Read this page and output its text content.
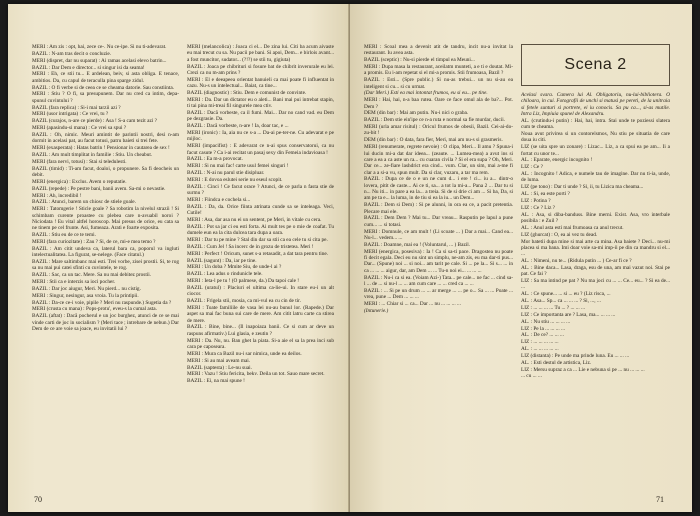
MERI : Am zis : opt, hai, zece ce-. Nu ce-ipe. Si nu ti-adevarat.

BAZIL : N-am tras decit o concluzie.

MERI (dispret, dar nu suparat) : Ai ramas acelasi elevo batrin...

BAZIL : Dar Dem e director... si singur isi da seama!

MERI : Eh, ce stii tu... E ardelean, beiv, si asta obliga. E tenace, ambitios. Da, cu capul de teraculla pina sparge zidul.

BAZIL : O fi verbe si de ceea ce se cheama datorie. Sau constiinta.

MERI : Stiu ? O fi, sa presupunem. Dar nu cred ca intim, depa-spunul cuvintului ?

BAZIL (fara replica) : Si-i mai tarzii azi ?

MERI (usor intrigata) : Ce vrei, tu ?

BAZIL (curajos, n-are ce pierde) : Asa ! S-a cam tezit azi ?

MERI (apasindu-si mana) : Ce vrei sa spui ?

BAZIL : Oh, nimic. Meuri amintit de parintii nostri, desi n-am dormit in acelasi pat, au facut totusi, patru baieti si trei fete.

MERI (exasperata) : Hatas batrin ! Pensionar in cautarea de sex !

BAZIL : Am mult timplitat in familie : Stiu. Un cheabut.

MERI (fara nervi, totusi) : Stai si teledulesti.

BAZIL (timid) : Ti-am facut, doaloi, o propunere. Sa fi deocheis un debit.

MERI (energica) : Exclus. Avem o reputatie.

BAZIL (repede) : Pe pestre bani, banii avem. Sa-mi o nevastie.

MERI : Ah, incredibil !

BAZIL : Atunci, barem un chiosc de stiele goale.

MERI : Tatomgerie ! Sticle goale ? Sa robotim la nivelul strazii ! Si schimbam curente proastee cu plebea care n-avuabil noroi ? Niciodata ! Eu vital altfel horoscop. Mai presus de orice, eu cata sa ne tinem pe cel frunte. Asi, fumeaza. Arati e foarte exposita.

BAZIL : Stiu eu de ce te temi.

MERI (fara curiozitate) : Zau ? Si, de ce, mi-e mea temo ?

BAZIL : Am citit undeva ca, laterul bara ca, poporul va ingluti intelectualitatea. La figurat, se-nelege. (Face citatul.)

BAZIL : Mare saltimbanc mai esti. Trei vorbe, zisei prostii. Si, te rog sa nu mai pui catei sfinti cu cuvintele, te rog.

BAZIL : Sac, ca un tac. Mere. Sa nu mai debitez prostii.

MERI : Stii ca e interzis sa ioci pocher.

BAZIL : Dar joc aiugur, Meri. Nu pierd... nu cistig.

MERI : Singur, nesingur, asa vroia. Tu la printipii.

BAZIL : Da-ce ce-i voie, pipile ? Meri nu raspunde.) Sugetia da ?

MERI (crusta cu mana) : Pops-protu', eveu-s la cumal asta.

BAZIL (aftat) : Dacă pocherul e un joc burghez, atunci de ce se mai vinde carti de joc in socialism ? (Meri tace ; intrebare de nebun.) Dar Dem de ce are voie sa joace, eu invitatii lui ?

MERI (melancolica) : Joaca ci el... De zina lui. Citi ba acum aivaste eu mai trecut cu sa. Nu pacii pe bani. Si apoi, Dem... e birlois avant... a fost muncitor, sudator... (?!?) se stii tu, gigiuta)

BAZIL : Joaca pe chibrituri si fosure bat de chibrit inverurale eu lei. Crezi ca nu m-am prins ?

MERI : El e deeapeea orientat banuieli ca mai poate fi influentat in cazu. Nu-s un intelectual... Baiat, ca tine...

BAZIL (diagnostic) : Stiu. Dem e comunist de convinte.

MERI : Da. Dar un dictator eu o aleti... Bani mai pui intrebat stapin, ti tai pina mi-treai fil singurele mea ctiv.

BAZIL : Dacă vorbeste, ca il fumi. Mai... Dar no cand vad. eu Dem pe dezgrasie. Da.

BAZIL : Dacă vorbeste, n-are ! Ia, doar tac, e ...

MERI (ironic) : Ia, aia nu ce s-a ... Da-ai pe-ter-ne. Cu adevarat e pe mijloc.

MERI (impacifist) : E adevarat ce n-ai spus conservatorui, ca nu facut casute ? Ca i-ai recitat un pasaj sexy din Femeia indavioasa !

BAZIL : Ea m-a provocat.

MERI : Si nu mai fac! carte usul femei singuri !

BAZIL : N-ai nu parul stie disipluar.

MERI : E dovoa eslutei serie nu eseul scopit.

BAZIL : Cinci ! Ce facut orace ? Atunci, de ce parla n fasta stie de surmu ?

MERI : Fiindca e cochela si...

BAZIL : Da, da. Orice fiinta atrinata cunde sa se inteleaga. Veci, Cutile!

MERI : Asa, dar asa nu ei un sentent, pe Meri, in vitale cu cera.

BAZIL : Pot sa jar ci eu esti forta. Ai mult tes pe o mie de coafat. Tu dumele eun ea la cita dulcea tara dupa a oara.

MERI : Dar tu pe mine ? Stal din dar sa stii ca ea cele tu si cita pe.

BAZIL : Cum Jel ! Sa incerc de in grozu de tristetea. Meri !

MERI : Perfect ! Oricum, sunet s-a retasadit, a dat tara pentru tine.

BAZIL (sagunt) : Da, iar pe tine.

MERI : Un doba ? Mmite Siu, de unde-l ai ?

BAZIL : Lea adus o rindunicle tele.

MERI : Ieta-l pe tu ! (O palmese, da.) Da tapoi cale !

BAZIL (uratul) : Placiuri el ultima ca-lie-ui. In stare eu-i un alt ciocor.

BAZIL : Frigela stii, mosia, ca mi-vul ea cu cin de tir.

MERI : Toate familiile de vasa lei nu-au bunul lor. (Rapede.) Dar aspet sa mai fac buna sui care de mere. Am citit latru carte ca stirea de mere.

BAZIL : Bine, bine... (Il inapoiaza banii. Ce si cum ar deve un raspuns afirmativ.) Lui glasia, e zeutin ?

MERI : Da. Nu, nu. Ban ghet la piata. Si-a aie el sa la prea inci sub cara pe caposeara.

MERI : Mura ca Bazil nu-i sar nimica, unde ea deilos.

MERI : Si au mai aveam mai.

BAZIL (saptesta) : Le-nu suai.

MERI : Vazu ! Stiu fericita, bekv. Deila un tot. Sauo mare secret.

BAZIL : Ei, na mai spune !

70

MERI : Scoal mea a devenit atit de tandru, incit nu-a invitat la restaurant. Iu avea asta.

BAZIL (sceptic) : Nu-si pierde el timpul ea Meuni...

MERI : Dupa masa la restaurant, aceilatm munteti, a e ti e doutat. Mi-a promis. Eu i-am repetat si el mi-a promis. Stii frumoasa, Bazil ?

BAZIL : Esti... (Spre public.) Si nu-as trebui... un nu si-au ea inteligent si cu... si cu urmat.

(Dar Meri.) Esti ea mai intontat frumos, eu si eu... pe tine.

MERI : Hai, hai, n-a baa rutea. Oare ce face omul ala de ba?... Pot. Dem ?

DEM (din bar) : Mai am putin. Nu-i nici o graba.

BAZIL : Dem stie ein'ipe ce n-a ruta e normal sa fie murdar, ducii.

MERI (urla amar risitul) : Oricul frumos de obesii, Bazil. Cei-ai-do-zu-bit !

DEM (din bar) : O data, fara fier, Meri, mai am nu-s si grasmeris.

MERI (renumerate, regrete nevoie) : O clipa, Meri... Il amu ? Spuna-i lui ducin mi-a dat dar ideea... (zeaute. ... Lumea-mea) a avut ins si care a ea a ca aste un ra... cu cuaran civila ? Si el era supa ? Oh, Meri. Dar ce... ze-fiare lashdrict era cind... vum. Clar, un sim, mai a-me fi clar a a si-a vu, spun mult. Da si clar, vuzaru, a tar ma rem.

BAZIL : Dupa ce de o e un ne cum d... i ere ! ci... iu a... dintr-o lovera, pitit de caste... Ai ce ti, sa... a tot la mi-a... Pana 2 ... Dar tu si n... Nu iti... in pare a ea la... a treia. Si de si drie ci am ... Si ba, Da, si am pe ta e... la luma, in de tiu si ea la iu... un Dem...

BAZIL : Dem si Dem) : Si pe alunni, in ora ea ce, a pacit pretentia. Plecare mai ele.

BAZIL : Dem Dem ? Mai tu... Dar vreau... Rasputin pe lapul a pune cum... ... si totasi.

MERI : Domnule, ce am mult ! (Li scoate ... ) Dar a mai... Cand ea... Nu-l... vedem... ...

BAZIL : Doamne, mai ea ! (Voluntarul, ... ) Bazil.

MERI (energica, posesiva) : Ia ! Ca si sa-ti pace. Dragostea nu poate fi decit egala. Deci eu nu sint un simplu, ne-am zis, eu ma dar-ti pus... Dar... (Spune) noi ... si noi... am tarit pe cale. Si ... pe la... Si s... ... in ca ... ... ... aigur, dar, am Dem ... ... Tu-n noi ei... ... ... ...

BAZIL : Nu-i ca si ea. (Voiam Azi-) Tata... pe cale... ne fac ... cind sa-l ... de ... si nu-l ... ... am cum care ... ... cred ca ... ...

BAZIL : ... Si pe un drum ... ... ar merge ... ... pe o... Sa ... ... Poate ... vrea, pune ... Dem ... ... ...

MERI : ... Chiar si ... ca... Dar ... nu ... ... ... ...

(Intunerie.)

Scena 2

Acelasi svara. Camera lui Al. Obligatoriu, nu-lui-bibliotera. O chiloara, in cui. Fotografii de unchi si matusi pe pereti, de la unitraia si fetele sunturi si portrete, ei iu conocis. Sa pu ca..., si-as mutile. Intra Liz, Impiuia spunel de Alexandru.

AL. (crutindu-i putin) : Hai, hai, intra. Stai unde te poziessi slatera cum te cheama.

Noua avut privirea si un contorelsmos, Nu stiu pe situatia de care doua iu citi.

LIZ (se uita spre un zonare) : Lizac... Liz, a ca spui ea pe am... Ii a fortat cu unor te...

AL. : Eparate, energic incognito !

LIZ : Ce ?

AL. : Incognito ! Adica, e numele tau de imagine. Dar nu ti-ia, unde, de luma.

LIZ (pe tono) : Dar ti unde ? Si, ii, tu Lizica ma cheama...

AL. : Si, ea este porti ?

LIZ : Potina ?

LIZ : Ce ? Liz ?

AL. : Asa, si diba-banduss. Bine merni. Exist. Asa, vro interbale posibila : e Zuil ?

AL. : Anul asta esti mai frumoasa ca anul trecut.

LIZ (ghurcat) : O, ea ai vez tu dead.

Mor batetii dupa mine si mai arte ca mina. Asa baiete ? Deci... nu-mi placea si ma bana. Imi doar voie sa-mi imp-ii pe din ca mandru si el... ...

AL. : Nimeni, nu te... (Ridula putin ... ) Ce-ar fi ce ?

AL. : Bine daca... Lasa, draga, esu de una, am mai vazut noi. Stai pe pat. Ce fai ?

LIZ : Sa ma intind pe pat ? Nu ma joci cu ... ... Ce... eu... ? Si ea de... ...

AL. : Ce spune... ... si ... eu ? (Liz risca, ...

AL. : Asa... Sp... ca ... ... ... ? Si, ..., ...

LIZ : ... ... ... ... Tu ... ? ... ... ...

LIZ : Ce importanta are ? Lasa, ma... ... ... ...

AL. : Nu stiu ... ... ... ...

LIZ : Pe la ... ... ... ...

AL. : De ce? ... ... ...

LIZ : ... ... ... ... ...

AL. : ... ... ... ... ...

LIZ (distanta) : Pe unde ma prinde luna. Eu ... ... ...

AL. : Esti destul de artistica, Liz.

LIZ : Mersu supraz a ca ... Lie e nebuna si pe ... nu ... ... ...

... cu ... ...

71
